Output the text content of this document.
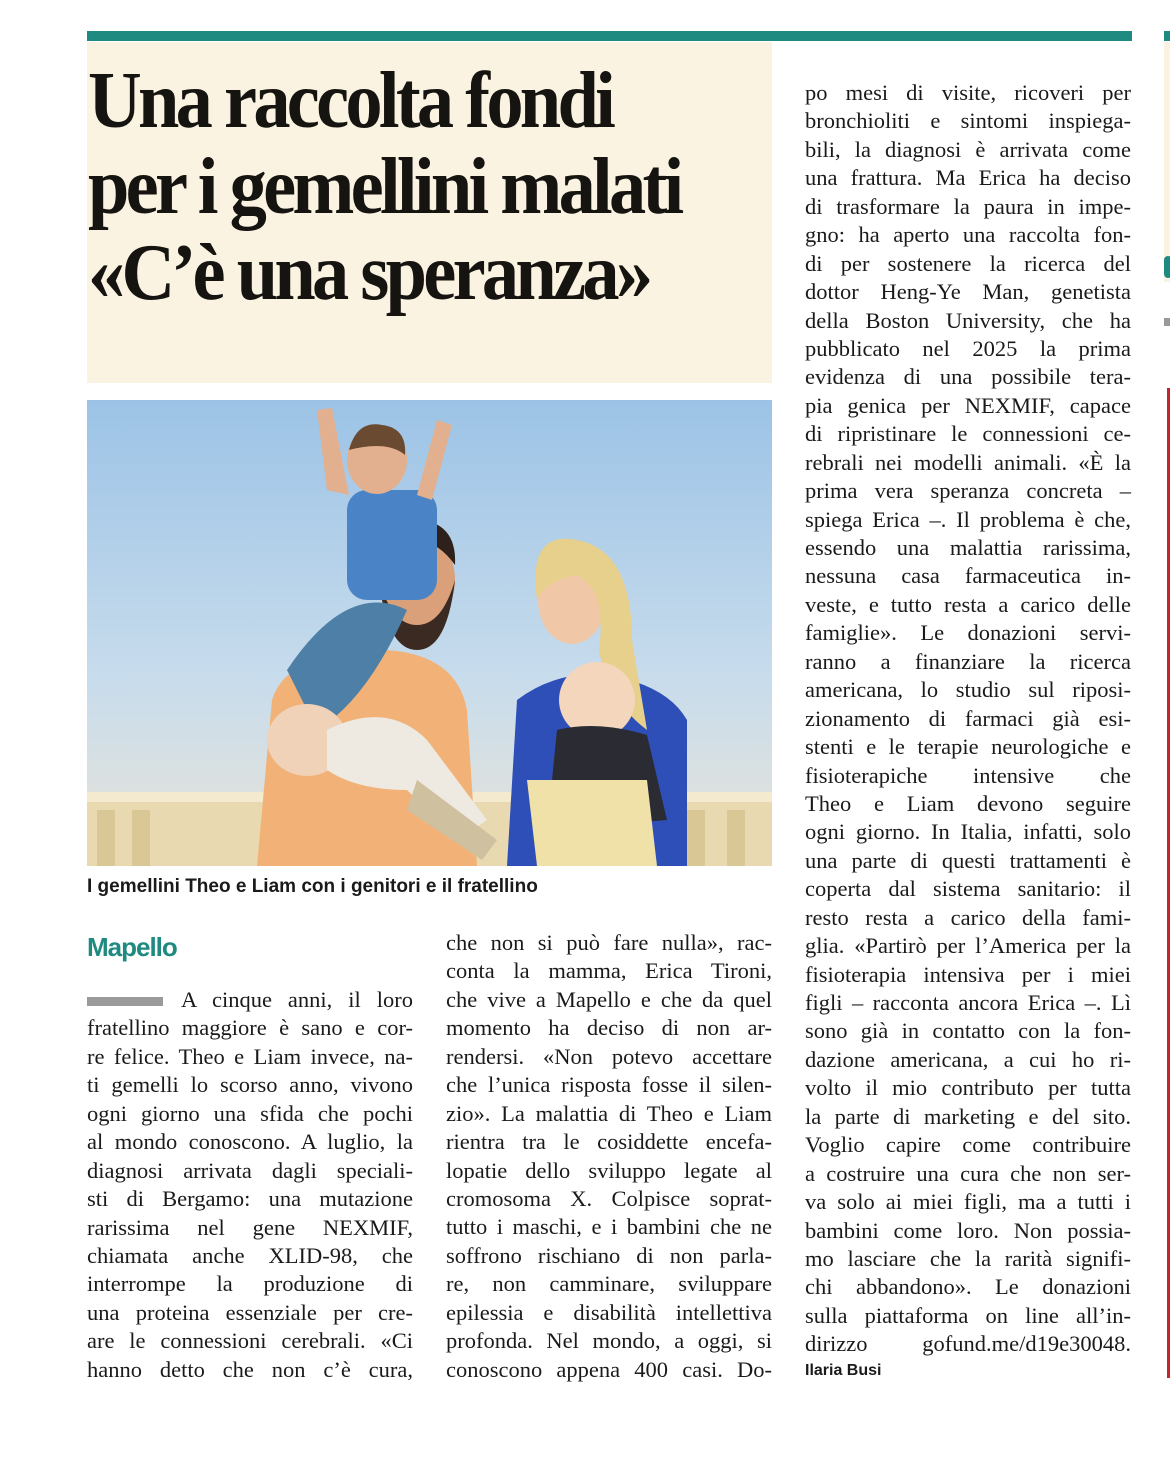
Una raccolta fondi
per i gemellini malati
«C’è una speranza»
I gemellini Theo e Liam con i genitori e il fratellino
Mapello
A cinque anni, il loro
fratellino maggiore è sano e cor-
re felice. Theo e Liam invece, na-
ti gemelli lo scorso anno, vivono
ogni giorno una sfida che pochi
al mondo conoscono. A luglio, la
diagnosi arrivata dagli speciali-
sti di Bergamo: una mutazione
rarissima nel gene NEXMIF,
chiamata anche XLID-98, che
interrompe la produzione di
una proteina essenziale per cre-
are le connessioni cerebrali. «Ci
hanno detto che non c’è cura,
che non si può fare nulla», rac-
conta la mamma, Erica Tironi,
che vive a Mapello e che da quel
momento ha deciso di non ar-
rendersi. «Non potevo accettare
che l’unica risposta fosse il silen-
zio». La malattia di Theo e Liam
rientra tra le cosiddette encefa-
lopatie dello sviluppo legate al
cromosoma X. Colpisce soprat-
tutto i maschi, e i bambini che ne
soffrono rischiano di non parla-
re, non camminare, sviluppare
epilessia e disabilità intellettiva
profonda. Nel mondo, a oggi, si
conoscono appena 400 casi. Do-
po mesi di visite, ricoveri per
bronchioliti e sintomi inspiega-
bili, la diagnosi è arrivata come
una frattura. Ma Erica ha deciso
di trasformare la paura in impe-
gno: ha aperto una raccolta fon-
di per sostenere la ricerca del
dottor Heng-Ye Man, genetista
della Boston University, che ha
pubblicato nel 2025 la prima
evidenza di una possibile tera-
pia genica per NEXMIF, capace
di ripristinare le connessioni ce-
rebrali nei modelli animali. «È la
prima vera speranza concreta –
spiega Erica –. Il problema è che,
essendo una malattia rarissima,
nessuna casa farmaceutica in-
veste, e tutto resta a carico delle
famiglie». Le donazioni servi-
ranno a finanziare la ricerca
americana, lo studio sul riposi-
zionamento di farmaci già esi-
stenti e le terapie neurologiche e
fisioterapiche intensive che
Theo e Liam devono seguire
ogni giorno. In Italia, infatti, solo
una parte di questi trattamenti è
coperta dal sistema sanitario: il
resto resta a carico della fami-
glia. «Partirò per l’America per la
fisioterapia intensiva per i miei
figli – racconta ancora Erica –. Lì
sono già in contatto con la fon-
dazione americana, a cui ho ri-
volto il mio contributo per tutta
la parte di marketing e del sito.
Voglio capire come contribuire
a costruire una cura che non ser-
va solo ai miei figli, ma a tutti i
bambini come loro. Non possia-
mo lasciare che la rarità signifi-
chi abbandono». Le donazioni
sulla piattaforma on line all’in-
dirizzo gofund.me/d19e30048.
Ilaria Busi
